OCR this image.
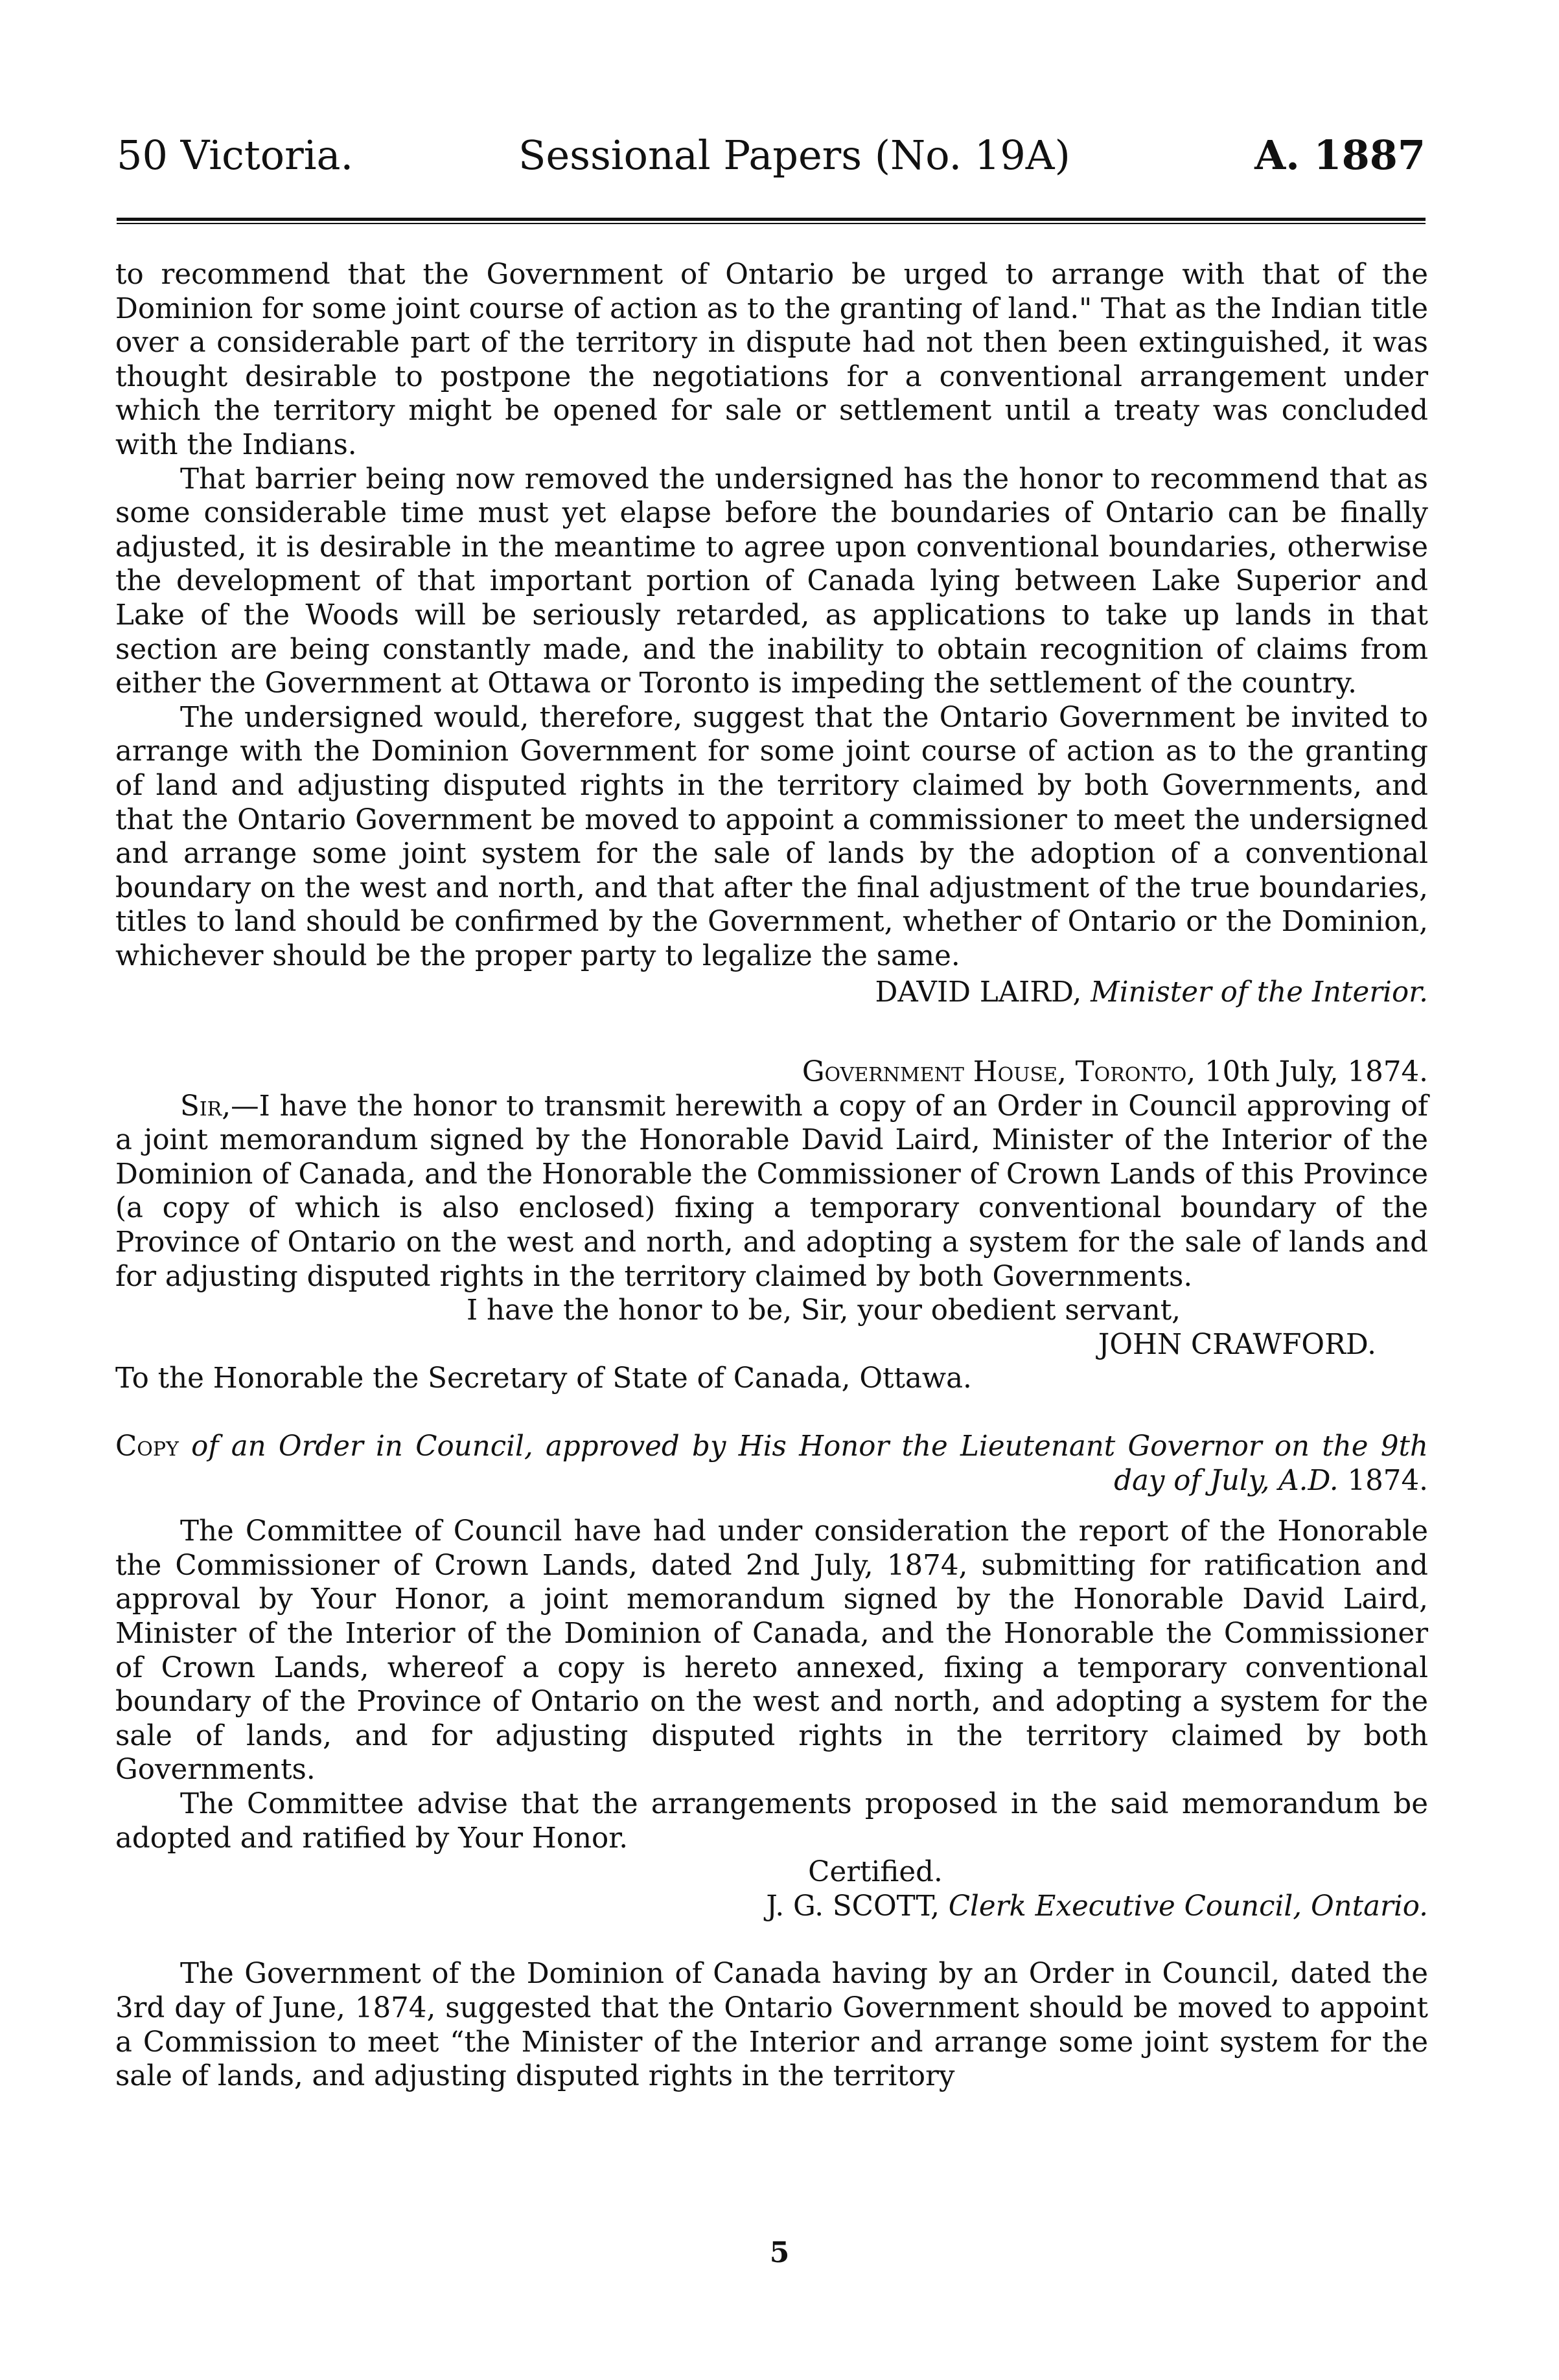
50 Victoria.	Sessional Papers (No. 19A)	A. 1887

to recommend that the Government of Ontario be urged to arrange with that of the Dominion for some joint course of action as to the granting of land." That as the Indian title over a considerable part of the territory in dispute had not then been extinguished, it was thought desirable to postpone the negotiations for a conventional arrangement under which the territory might be opened for sale or settlement until a treaty was concluded with the Indians.

That barrier being now removed the undersigned has the honor to recommend that as some considerable time must yet elapse before the boundaries of Ontario can be finally adjusted, it is desirable in the meantime to agree upon conventional boundaries, otherwise the development of that important portion of Canada lying between Lake Superior and Lake of the Woods will be seriously retarded, as applications to take up lands in that section are being constantly made, and the inability to obtain recognition of claims from either the Government at Ottawa or Toronto is impeding the settlement of the country.

The undersigned would, therefore, suggest that the Ontario Government be invited to arrange with the Dominion Government for some joint course of action as to the granting of land and adjusting disputed rights in the territory claimed by both Governments, and that the Ontario Government be moved to appoint a commissioner to meet the undersigned and arrange some joint system for the sale of lands by the adoption of a conventional boundary on the west and north, and that after the final adjustment of the true boundaries, titles to land should be confirmed by the Government, whether of Ontario or the Dominion, whichever should be the proper party to legalize the same.

DAVID LAIRD, Minister of the Interior.

Government House, Toronto, 10th July, 1874.

Sir,—I have the honor to transmit herewith a copy of an Order in Council approving of a joint memorandum signed by the Honorable David Laird, Minister of the Interior of the Dominion of Canada, and the Honorable the Commissioner of Crown Lands of this Province (a copy of which is also enclosed) fixing a temporary conventional boundary of the Province of Ontario on the west and north, and adopting a system for the sale of lands and for adjusting disputed rights in the territory claimed by both Governments.

I have the honor to be, Sir, your obedient servant,

JOHN CRAWFORD.

To the Honorable the Secretary of State of Canada, Ottawa.

Copy of an Order in Council, approved by His Honor the Lieutenant Governor on the 9th day of July, A.D. 1874.

The Committee of Council have had under consideration the report of the Honorable the Commissioner of Crown Lands, dated 2nd July, 1874, submitting for ratification and approval by Your Honor, a joint memorandum signed by the Honorable David Laird, Minister of the Interior of the Dominion of Canada, and the Honorable the Commissioner of Crown Lands, whereof a copy is hereto annexed, fixing a temporary conventional boundary of the Province of Ontario on the west and north, and adopting a system for the sale of lands, and for adjusting disputed rights in the territory claimed by both Governments.

The Committee advise that the arrangements proposed in the said memorandum be adopted and ratified by Your Honor.

Certified.

J. G. SCOTT, Clerk Executive Council, Ontario.

The Government of the Dominion of Canada having by an Order in Council, dated the 3rd day of June, 1874, suggested that the Ontario Government should be moved to appoint a Commission to meet “the Minister of the Interior and arrange some joint system for the sale of lands, and adjusting disputed rights in the territory

5
